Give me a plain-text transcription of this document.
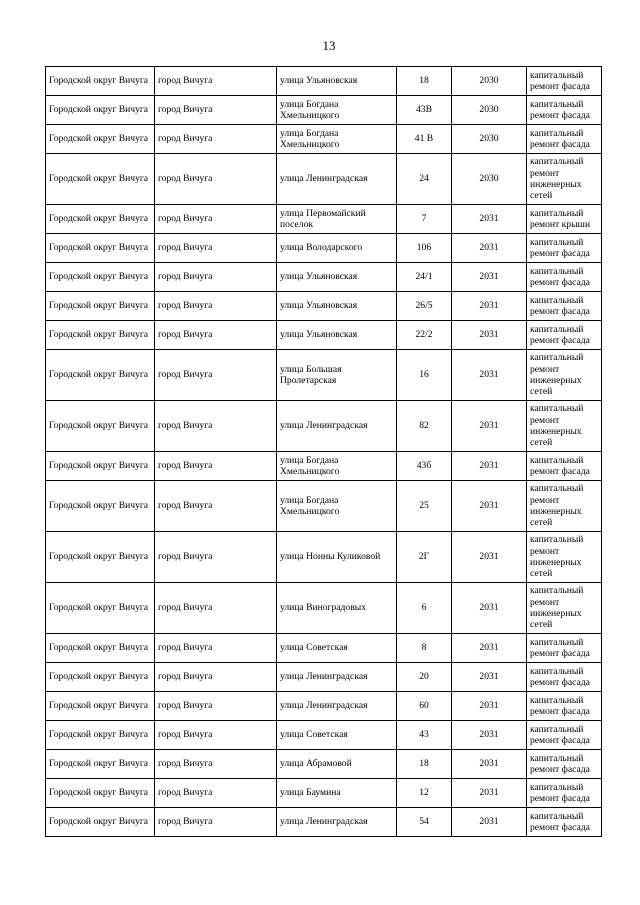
13
Городской округ Вичуга	город Вичуга	улица Ульяновская	18	2030	капитальный ремонт фасада

Городской округ Вичуга	город Вичуга	улица Богдана Хмельницкого	43В	2030	капитальный ремонт фасада

Городской округ Вичуга	город Вичуга	улица Богдана Хмельницкого	41 В	2030	капитальный ремонт фасада

Городской округ Вичуга	город Вичуга	улица Ленинградская	24	2030	капитальный ремонт инженерных сетей

Городской округ Вичуга	город Вичуга	улица Первомайский поселок	7	2031	капитальный ремонт крыши

Городской округ Вичуга	город Вичуга	улица Володарского	106	2031	капитальный ремонт фасада

Городской округ Вичуга	город Вичуга	улица Ульяновская	24/1	2031	капитальный ремонт фасада

Городской округ Вичуга	город Вичуга	улица Ульяновская	26/5	2031	капитальный ремонт фасада

Городской округ Вичуга	город Вичуга	улица Ульяновская	22/2	2031	капитальный ремонт фасада

Городской округ Вичуга	город Вичуга	улица Большая Пролетарская	16	2031	капитальный ремонт инженерных сетей

Городской округ Вичуга	город Вичуга	улица Ленинградская	82	2031	капитальный ремонт инженерных сетей

Городской округ Вичуга	город Вичуга	улица Богдана Хмельницкого	43б	2031	капитальный ремонт фасада

Городской округ Вичуга	город Вичуга	улица Богдана Хмельницкого	25	2031	капитальный ремонт инженерных сетей

Городской округ Вичуга	город Вичуга	улица Нонны Куликовой	2Г	2031	капитальный ремонт инженерных сетей

Городской округ Вичуга	город Вичуга	улица Виноградовых	6	2031	капитальный ремонт инженерных сетей

Городской округ Вичуга	город Вичуга	улица Советская	8	2031	капитальный ремонт фасада

Городской округ Вичуга	город Вичуга	улица Ленинградская	20	2031	капитальный ремонт фасада

Городской округ Вичуга	город Вичуга	улица Ленинградская	60	2031	капитальный ремонт фасада

Городской округ Вичуга	город Вичуга	улица Советская	43	2031	капитальный ремонт фасада

Городской округ Вичуга	город Вичуга	улица Абрамовой	18	2031	капитальный ремонт фасада

Городской округ Вичуга	город Вичуга	улица Баумина	12	2031	капитальный ремонт фасада

Городской округ Вичуга	город Вичуга	улица Ленинградская	54	2031	капитальный ремонт фасада
